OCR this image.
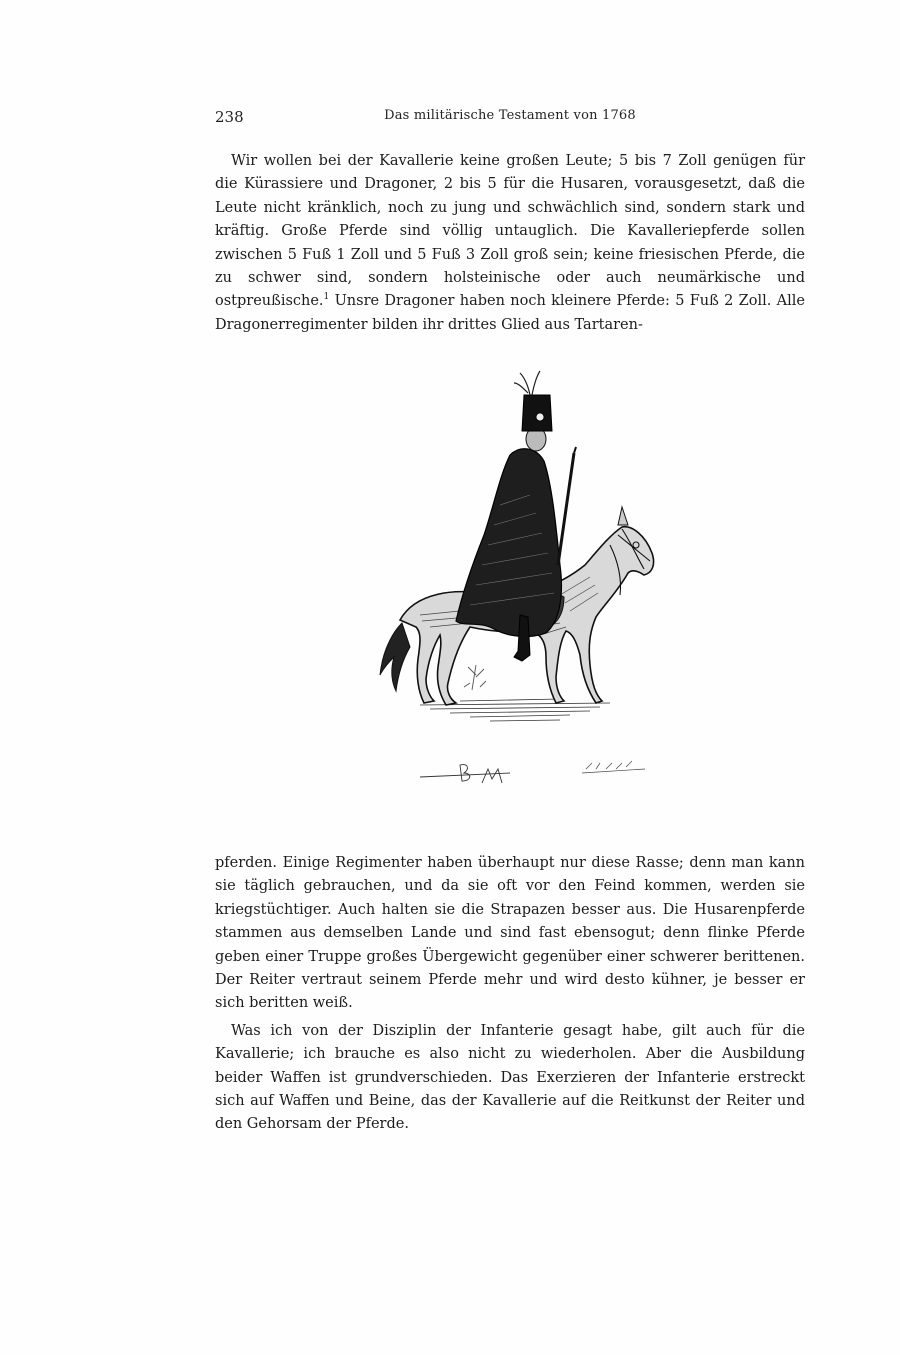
238	Das militärische Testament von 1768

Wir wollen bei der Kavallerie keine großen Leute; 5 bis 7 Zoll genügen für die Kürassiere und Dragoner, 2 bis 5 für die Husaren, vorausgesetzt, daß die Leute nicht kränklich, noch zu jung und schwächlich sind, sondern stark und kräftig. Große Pferde sind völlig untauglich. Die Kavalleriepferde sollen zwischen 5 Fuß 1 Zoll und 5 Fuß 3 Zoll groß sein; keine friesischen Pferde, die zu schwer sind, sondern holsteinische oder auch neumärkische und ostpreußische.$^1$ Unsre Dragoner haben noch kleinere Pferde: 5 Fuß 2 Zoll. Alle Dragonerregimenter bilden ihr drittes Glied aus Tartaren-

pferden. Einige Regimenter haben überhaupt nur diese Rasse; denn man kann sie täglich gebrauchen, und da sie oft vor den Feind kommen, werden sie kriegstüchtiger. Auch halten sie die Strapazen besser aus. Die Husarenpferde stammen aus demselben Lande und sind fast ebensogut; denn flinke Pferde geben einer Truppe großes Übergewicht gegenüber einer schwerer berittenen. Der Reiter vertraut seinem Pferde mehr und wird desto kühner, je besser er sich beritten weiß.

Was ich von der Disziplin der Infanterie gesagt habe, gilt auch für die Kavallerie; ich brauche es also nicht zu wiederholen. Aber die Ausbildung beider Waffen ist grundverschieden. Das Exerzieren der Infanterie erstreckt sich auf Waffen und Beine, das der Kavallerie auf die Reitkunst der Reiter und den Gehorsam der Pferde.
